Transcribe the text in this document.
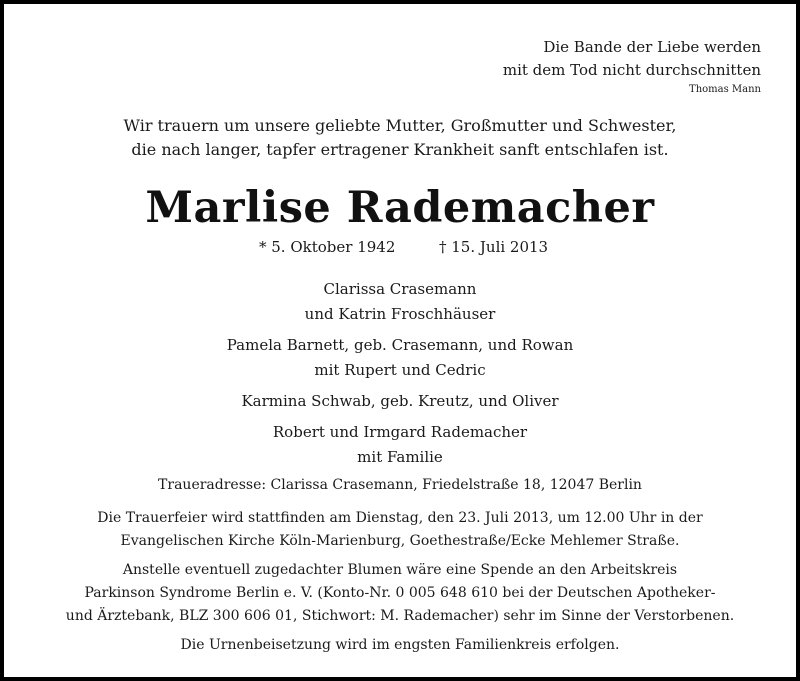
Die Bande der Liebe werden
mit dem Tod nicht durchschnitten
Thomas Mann
Wir trauern um unsere geliebte Mutter, Großmutter und Schwester,
die nach langer, tapfer ertragener Krankheit sanft entschlafen ist.
Marlise Rademacher
* 5. Oktober 1942	† 15. Juli 2013
Clarissa Crasemann
und Katrin Froschhäuser
Pamela Barnett, geb. Crasemann, und Rowan
mit Rupert und Cedric
Karmina Schwab, geb. Kreutz, und Oliver
Robert und Irmgard Rademacher
mit Familie
Traueradresse: Clarissa Crasemann, Friedelstraße 18, 12047 Berlin
Die Trauerfeier wird stattfinden am Dienstag, den 23. Juli 2013, um 12.00 Uhr in der
Evangelischen Kirche Köln-Marienburg, Goethestraße/Ecke Mehlemer Straße.
Anstelle eventuell zugedachter Blumen wäre eine Spende an den Arbeitskreis
Parkinson Syndrome Berlin e. V. (Konto-Nr. 0 005 648 610 bei der Deutschen Apotheker-
und Ärztebank, BLZ 300 606 01, Stichwort: M. Rademacher) sehr im Sinne der Verstorbenen.
Die Urnenbeisetzung wird im engsten Familienkreis erfolgen.
